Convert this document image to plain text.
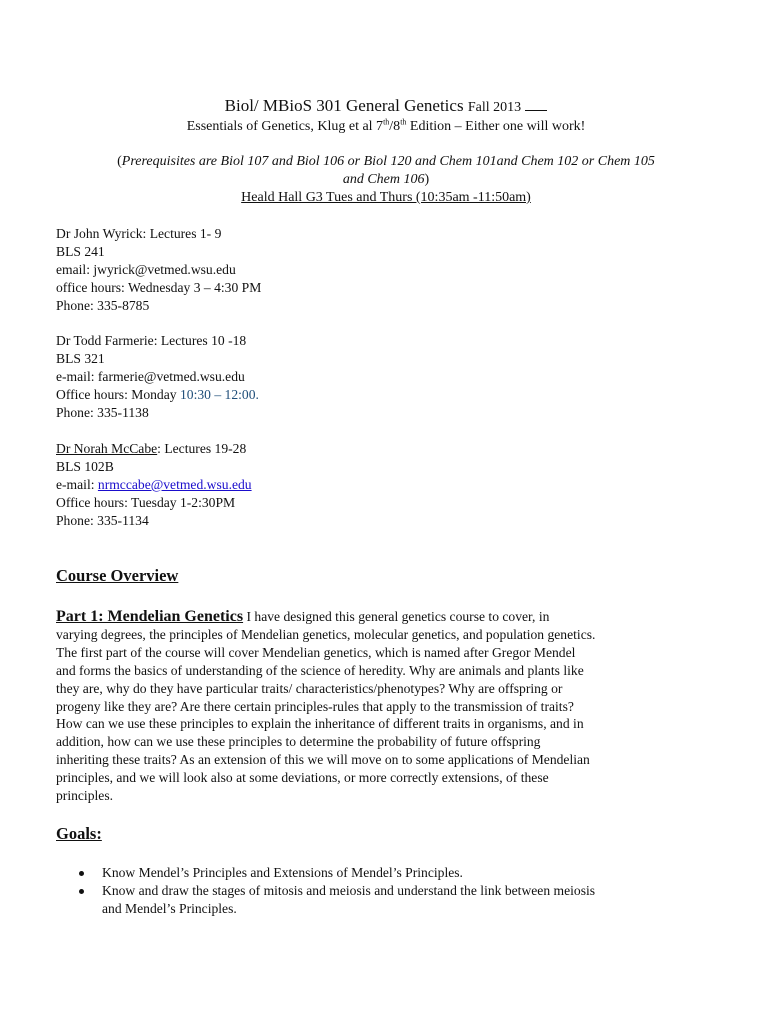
Biol/ MBioS 301 General Genetics Fall 2013
Essentials of Genetics, Klug et al 7th/8th Edition – Either one will work!
(Prerequisites are Biol 107 and Biol 106 or Biol 120 and Chem 101and Chem 102 or Chem 105
and Chem 106)
Heald Hall G3 Tues and Thurs (10:35am -11:50am)
Dr John Wyrick: Lectures 1- 9
BLS 241
email: jwyrick@vetmed.wsu.edu
office hours: Wednesday 3 – 4:30 PM
Phone: 335-8785
Dr Todd Farmerie: Lectures 10 -18
BLS 321
e-mail: farmerie@vetmed.wsu.edu
Office hours: Monday 10:30 – 12:00.
Phone: 335-1138
Dr Norah McCabe: Lectures 19-28
BLS 102B
e-mail: nrmccabe@vetmed.wsu.edu
Office hours: Tuesday 1-2:30PM
Phone: 335-1134
Course Overview
Part 1: Mendelian Genetics I have designed this general genetics course to cover, in
varying degrees, the principles of Mendelian genetics, molecular genetics, and population genetics.
The first part of the course will cover Mendelian genetics, which is named after Gregor Mendel
and forms the basics of understanding of the science of heredity. Why are animals and plants like
they are, why do they have particular traits/ characteristics/phenotypes? Why are offspring or
progeny like they are? Are there certain principles-rules that apply to the transmission of traits?
How can we use these principles to explain the inheritance of different traits in organisms, and in
addition, how can we use these principles to determine the probability of future offspring
inheriting these traits? As an extension of this we will move on to some applications of Mendelian
principles, and we will look also at some deviations, or more correctly extensions, of these
principles.
Goals:
Know Mendel’s Principles and Extensions of Mendel’s Principles.
Know and draw the stages of mitosis and meiosis and understand the link between meiosis
and Mendel’s Principles.
